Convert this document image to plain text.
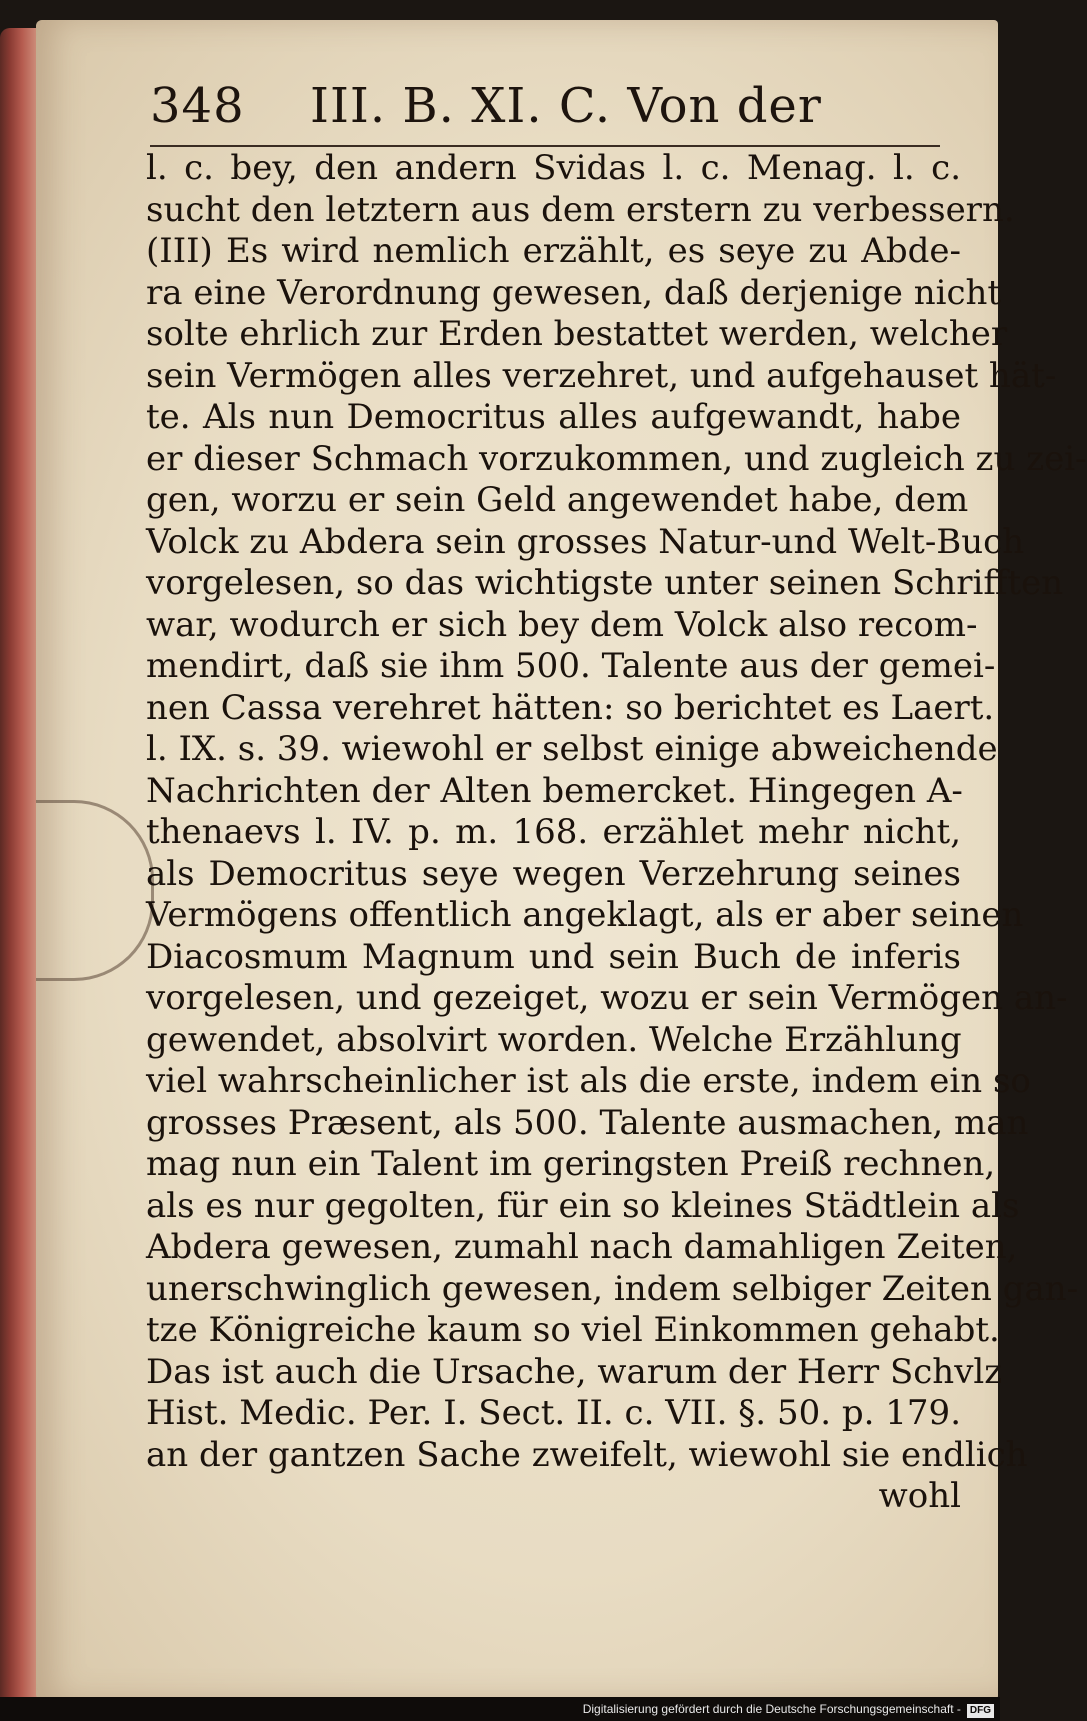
348 III. B. XI. C. Von der
l. c. bey, den andern Svidas l. c. Menag. l. c.
sucht den letztern aus dem erstern zu verbessern.
(III) Es wird nemlich erzählt, es seye zu Abde-
ra eine Verordnung gewesen, daß derjenige nicht
solte ehrlich zur Erden bestattet werden, welcher
sein Vermögen alles verzehret, und aufgehauset hät-
te. Als nun Democritus alles aufgewandt, habe
er dieser Schmach vorzukommen, und zugleich zu zei-
gen, worzu er sein Geld angewendet habe, dem
Volck zu Abdera sein grosses Natur-und Welt-Buch
vorgelesen, so das wichtigste unter seinen Schrifften
war, wodurch er sich bey dem Volck also recom-
mendirt, daß sie ihm 500. Talente aus der gemei-
nen Cassa verehret hätten: so berichtet es Laert.
l. IX. s. 39. wiewohl er selbst einige abweichende
Nachrichten der Alten bemercket. Hingegen A-
thenaevs l. IV. p. m. 168. erzählet mehr nicht,
als Democritus seye wegen Verzehrung seines
Vermögens offentlich angeklagt, als er aber seinen
Diacosmum Magnum und sein Buch de inferis
vorgelesen, und gezeiget, wozu er sein Vermögen an-
gewendet, absolvirt worden. Welche Erzählung
viel wahrscheinlicher ist als die erste, indem ein so
grosses Præsent, als 500. Talente ausmachen, man
mag nun ein Talent im geringsten Preiß rechnen,
als es nur gegolten, für ein so kleines Städtlein als
Abdera gewesen, zumahl nach damahligen Zeiten,
unerschwinglich gewesen, indem selbiger Zeiten gan-
tze Königreiche kaum so viel Einkommen gehabt.
Das ist auch die Ursache, warum der Herr Schvlz
Hist. Medic. Per. I. Sect. II. c. VII. §. 50. p. 179.
an der gantzen Sache zweifelt, wiewohl sie endlich
wohl
Digitalisierung gefördert durch die Deutsche Forschungsgemeinschaft - DFG
